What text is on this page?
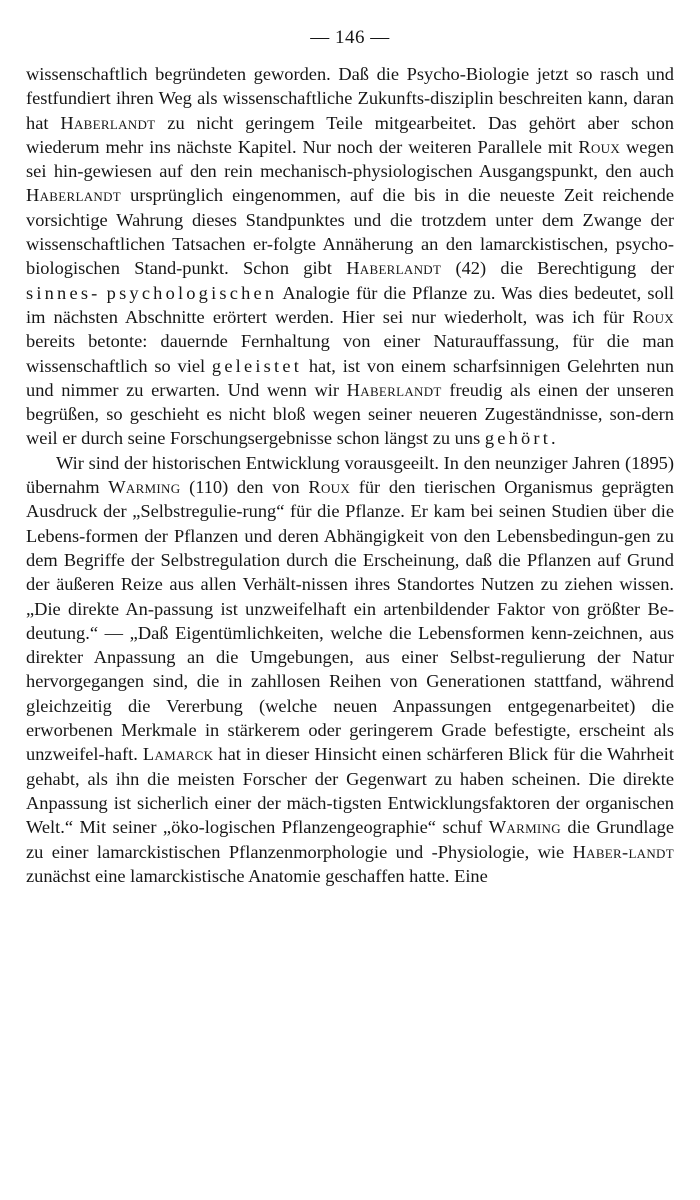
— 146 —

wissenschaftlich begründeten geworden. Daß die Psycho-Biologie jetzt so rasch und festfundiert ihren Weg als wissenschaftliche Zukunfts-disziplin beschreiten kann, daran hat Haberlandt zu nicht geringem Teile mitgearbeitet. Das gehört aber schon wiederum mehr ins nächste Kapitel. Nur noch der weiteren Parallele mit Roux wegen sei hin-gewiesen auf den rein mechanisch-physiologischen Ausgangspunkt, den auch Haberlandt ursprünglich eingenommen, auf die bis in die neueste Zeit reichende vorsichtige Wahrung dieses Standpunktes und die trotzdem unter dem Zwange der wissenschaftlichen Tatsachen er-folgte Annäherung an den lamarckistischen, psycho-biologischen Stand-punkt. Schon gibt Haberlandt (42) die Berechtigung der sinnes- psychologischen Analogie für die Pflanze zu. Was dies bedeutet, soll im nächsten Abschnitte erörtert werden. Hier sei nur wiederholt, was ich für Roux bereits betonte: dauernde Fernhaltung von einer Naturauffassung, für die man wissenschaftlich so viel geleistet hat, ist von einem scharfsinnigen Gelehrten nun und nimmer zu erwarten. Und wenn wir Haberlandt freudig als einen der unseren begrüßen, so geschieht es nicht bloß wegen seiner neueren Zugeständnisse, son-dern weil er durch seine Forschungsergebnisse schon längst zu uns gehört.

Wir sind der historischen Entwicklung vorausgeeilt. In den neunziger Jahren (1895) übernahm Warming (110) den von Roux für den tierischen Organismus geprägten Ausdruck der „Selbstregulie-rung“ für die Pflanze. Er kam bei seinen Studien über die Lebens-formen der Pflanzen und deren Abhängigkeit von den Lebensbedingun-gen zu dem Begriffe der Selbstregulation durch die Erscheinung, daß die Pflanzen auf Grund der äußeren Reize aus allen Verhält-nissen ihres Standortes Nutzen zu ziehen wissen. „Die direkte An-passung ist unzweifelhaft ein artenbildender Faktor von größter Be-deutung.“ — „Daß Eigentümlichkeiten, welche die Lebensformen kenn-zeichnen, aus direkter Anpassung an die Umgebungen, aus einer Selbst-regulierung der Natur hervorgegangen sind, die in zahllosen Reihen von Generationen stattfand, während gleichzeitig die Vererbung (welche neuen Anpassungen entgegenarbeitet) die erworbenen Merkmale in stärkerem oder geringerem Grade befestigte, erscheint als unzweifel-haft. Lamarck hat in dieser Hinsicht einen schärferen Blick für die Wahrheit gehabt, als ihn die meisten Forscher der Gegenwart zu haben scheinen. Die direkte Anpassung ist sicherlich einer der mäch-tigsten Entwicklungsfaktoren der organischen Welt.“ Mit seiner „öko-logischen Pflanzengeographie“ schuf Warming die Grundlage zu einer lamarckistischen Pflanzenmorphologie und -Physiologie, wie Haber-landt zunächst eine lamarckistische Anatomie geschaffen hatte. Eine
